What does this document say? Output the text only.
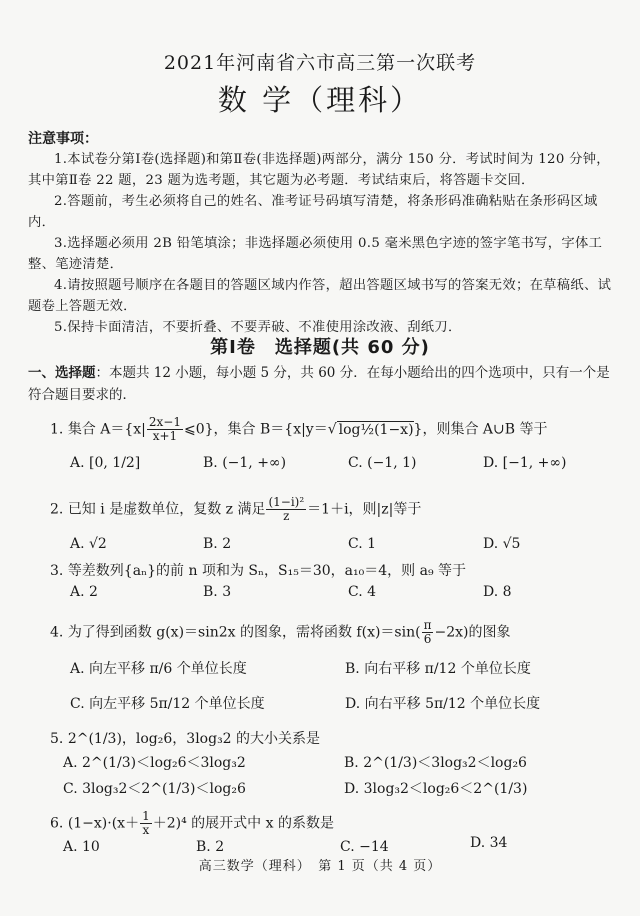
2021年河南省六市高三第一次联考
数 学（理科）
注意事项：

1.本试卷分第Ⅰ卷(选择题)和第Ⅱ卷(非选择题)两部分，满分 150 分．考试时间为 120 分钟，其中第Ⅱ卷 22 题，23 题为选考题，其它题为必考题．考试结束后，将答题卡交回．

2.答题前，考生必须将自己的姓名、准考证号码填写清楚，将条形码准确粘贴在条形码区域内．

3.选择题必须用 2B 铅笔填涂；非选择题必须使用 0.5 毫米黑色字迹的签字笔书写，字体工整、笔迹清楚．

4.请按照题号顺序在各题目的答题区域内作答，超出答题区域书写的答案无效；在草稿纸、试题卷上答题无效．

5.保持卡面清洁，不要折叠、不要弄破、不准使用涂改液、刮纸刀．

第Ⅰ卷　选择题(共 60 分)
一、选择题：本题共 12 小题，每小题 5 分，共 60 分．在每小题给出的四个选项中，只有一个是符合题目要求的．
1. 集合 $A=\{x| \frac{2x-1}{x+1}$ ⩽0}，集合 B＝{x|y＝√ log½(1−x)}，则集合 A∪B 等于
A. [0, 1/2]	B. (−1, +∞)	C. (−1, 1)	D. [−1, +∞)
2. 已知 i 是虚数单位，复数 z 满足 $\frac{\text{(1−i)²}}{z} =1+i$，则|z|等于
A. √2	B. 2	C. 1	D. √5
3. 等差数列{aₙ}的前 n 项和为 Sₙ，S₁₅＝30，a₁₀＝4，则 a₉ 等于
A. 2	B. 3	C. 4	D. 8
4. 为了得到函数 g(x)＝sin2x 的图象，需将函数 $f(x)=\sin( \frac{\pi}{6} -2x)$的图象
A. 向左平移 π/6 个单位长度	B. 向右平移 π/12 个单位长度
C. 向左平移 5π/12 个单位长度	D. 向右平移 5π/12 个单位长度
5. 2^(1/3)，log₂6，3log₃2 的大小关系是
A. 2^(1/3)＜log₂6＜3log₃2	B. 2^(1/3)＜3log₃2＜log₂6
C. 3log₃2＜2^(1/3)＜log₂6	D. 3log₃2＜log₂6＜2^(1/3)
6. $(1-x)\cdot(x+ \frac{1}{x} +2)^4$ 的展开式中 x 的系数是
A. 10	B. 2	C. −14	D. 34
高三数学（理科）　第 1 页（共 4 页）
